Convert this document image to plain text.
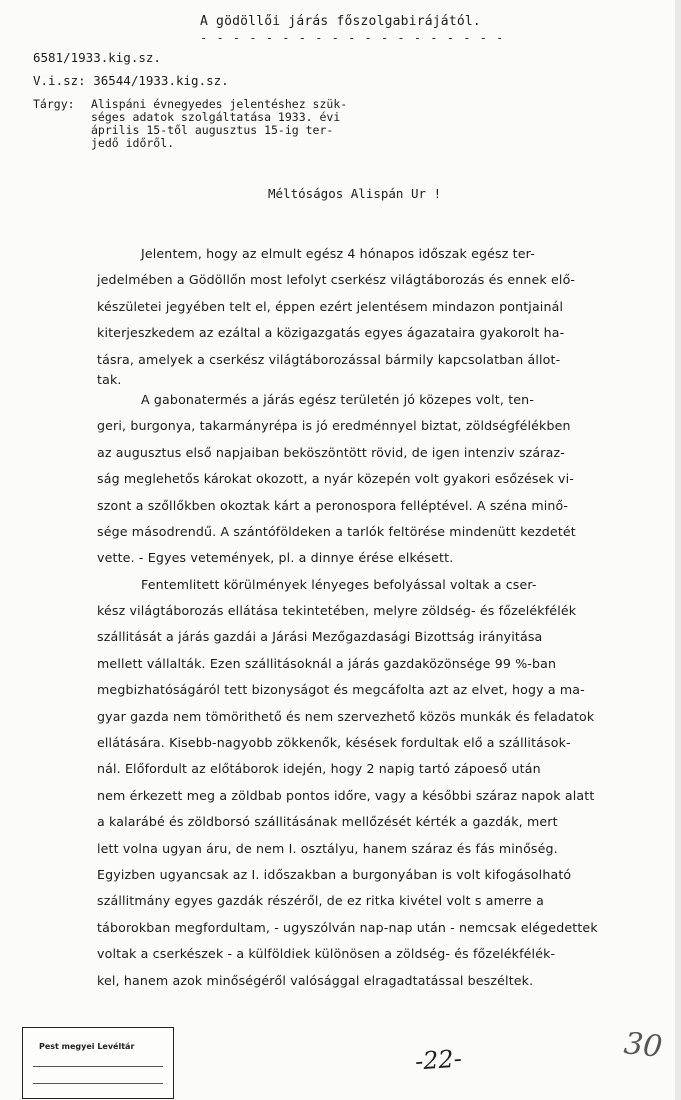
A gödöllői járás főszolgabirájától.
- - - - - - - - - - - - - - - - - - -
6581/1933.kig.sz.
V.i.sz: 36544/1933.kig.sz.
Tárgy: Alispáni évnegyedes jelentéshez szük-
séges adatok szolgáltatása 1933. évi
április 15-től augusztus 15-ig ter-
jedő időről.
Méltóságos Alispán Ur !
Jelentem, hogy az elmult egész 4 hónapos időszak egész ter-
jedelmében a Gödöllőn most lefolyt cserkész világtáborozás és ennek elő-
készületei jegyében telt el, éppen ezért jelentésem mindazon pontjainál
kiterjeszkedem az ezáltal a közigazgatás egyes ágazataira gyakorolt ha-
tásra, amelyek a cserkész világtáborozással bármily kapcsolatban állot-
tak.
A gabonatermés a járás egész területén jó közepes volt, ten-
geri, burgonya, takarmányrépa is jó eredménnyel biztat, zöldségfélékben
az augusztus első napjaiban beköszöntött rövid, de igen intenziv száraz-
ság meglehetős károkat okozott, a nyár közepén volt gyakori esőzések vi-
szont a szőllőkben okoztak kárt a peronospora felléptével. A széna minő-
sége másodrendű. A szántóföldeken a tarlók feltörése mindenütt kezdetét
vette. - Egyes vetemények, pl. a dinnye érése elkésett.
Fentemlitett körülmények lényeges befolyással voltak a cser-
kész világtáborozás ellátása tekintetében, melyre zöldség- és főzelékfélék
szállitását a járás gazdái a Járási Mezőgazdasági Bizottság irányitása
mellett vállalták. Ezen szállitásoknál a járás gazdaközönsége 99 %-ban
megbizhatóságáról tett bizonyságot és megcáfolta azt az elvet, hogy a ma-
gyar gazda nem tömörithető és nem szervezhető közös munkák és feladatok
ellátására. Kisebb-nagyobb zökkenők, késések fordultak elő a szállitások-
nál. Előfordult az előtáborok idején, hogy 2 napig tartó zápoeső után
nem érkezett meg a zöldbab pontos időre, vagy a későbbi száraz napok alatt
a kalarábé és zöldborsó szállitásának mellőzését kérték a gazdák, mert
lett volna ugyan áru, de nem I. osztályu, hanem száraz és fás minőség.
Egyizben ugyancsak az I. időszakban a burgonyában is volt kifogásolható
szállitmány egyes gazdák részéről, de ez ritka kivétel volt s amerre a
táborokban megfordultam, - ugyszólván nap-nap után - nemcsak elégedettek
voltak a cserkészek - a külföldiek különösen a zöldség- és főzelékfélék-
kel, hanem azok minőségéről valósággal elragadtatással beszéltek.
Pest megyei Levéltár	-22-	30
